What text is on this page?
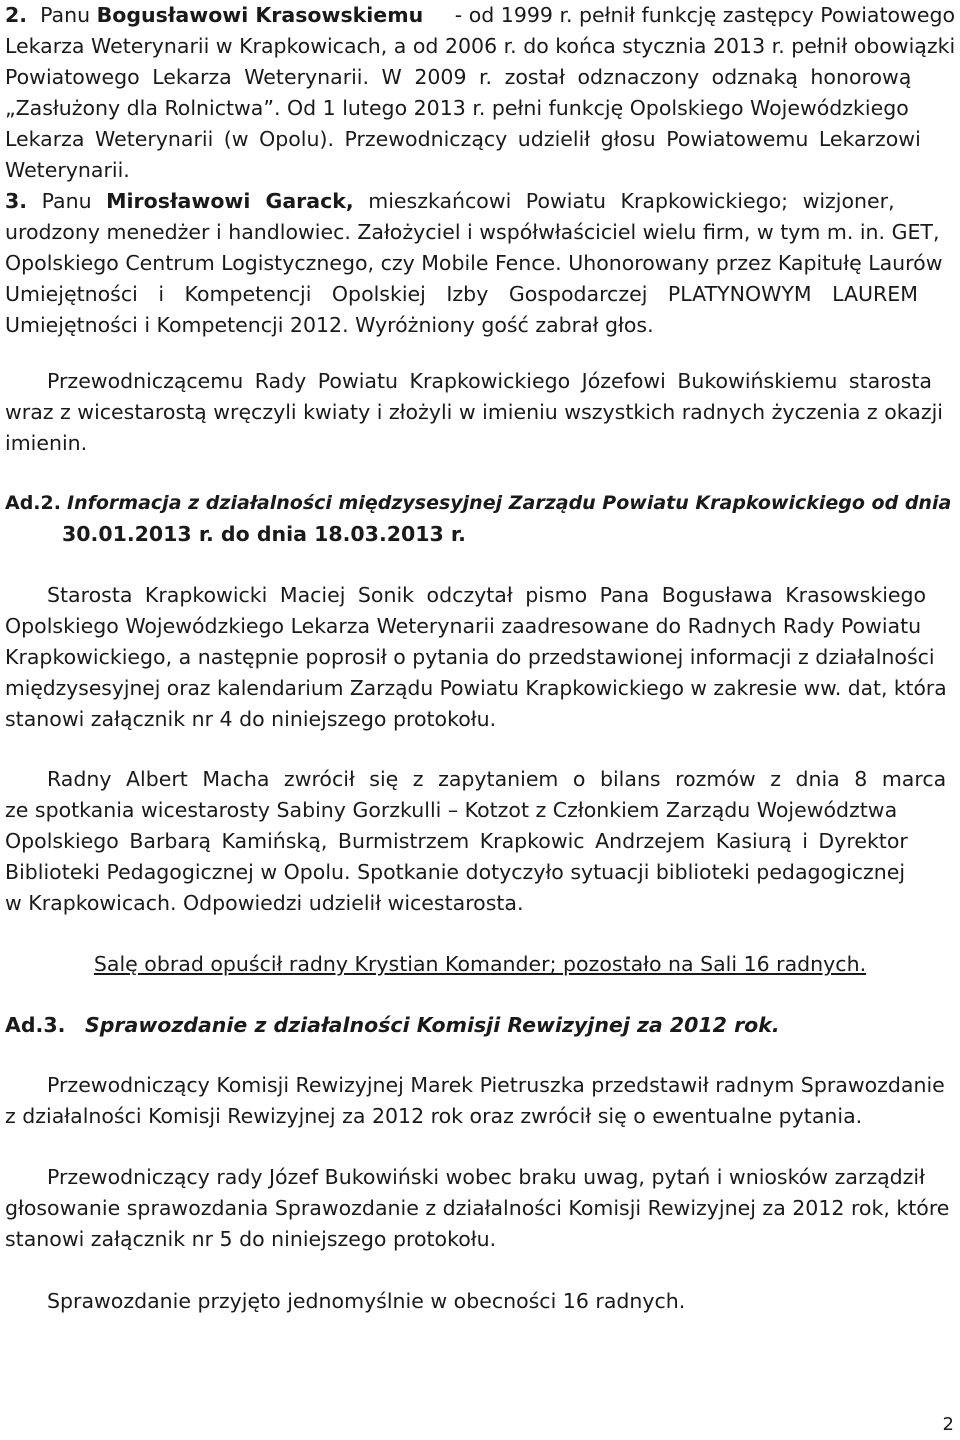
2. Panu Bogusławowi Krasowskiemu - od 1999 r. pełnił funkcję zastępcy Powiatowego
Lekarza Weterynarii w Krapkowicach, a od 2006 r. do końca stycznia 2013 r. pełnił obowiązki
Powiatowego Lekarza Weterynarii. W 2009 r. został odznaczony odznaką honorową
„Zasłużony dla Rolnictwa”. Od 1 lutego 2013 r. pełni funkcję Opolskiego Wojewódzkiego
Lekarza Weterynarii (w Opolu). Przewodniczący udzielił głosu Powiatowemu Lekarzowi
Weterynarii.
3. Panu Mirosławowi Garack, mieszkańcowi Powiatu Krapkowickiego; wizjoner,
urodzony menedżer i handlowiec. Założyciel i współwłaściciel wielu firm, w tym m. in. GET,
Opolskiego Centrum Logistycznego, czy Mobile Fence. Uhonorowany przez Kapitułę Laurów
Umiejętności i Kompetencji Opolskiej Izby Gospodarczej PLATYNOWYM LAUREM
Umiejętności i Kompetencji 2012. Wyróżniony gość zabrał głos.
Przewodniczącemu Rady Powiatu Krapkowickiego Józefowi Bukowińskiemu starosta
wraz z wicestarostą wręczyli kwiaty i złożyli w imieniu wszystkich radnych życzenia z okazji
imienin.
Ad.2. Informacja z działalności międzysesyjnej Zarządu Powiatu Krapkowickiego od dnia
30.01.2013 r. do dnia 18.03.2013 r.
Starosta Krapkowicki Maciej Sonik odczytał pismo Pana Bogusława Krasowskiego
Opolskiego Wojewódzkiego Lekarza Weterynarii zaadresowane do Radnych Rady Powiatu
Krapkowickiego, a następnie poprosił o pytania do przedstawionej informacji z działalności
międzysesyjnej oraz kalendarium Zarządu Powiatu Krapkowickiego w zakresie ww. dat, która
stanowi załącznik nr 4 do niniejszego protokołu.
Radny Albert Macha zwrócił się z zapytaniem o bilans rozmów z dnia 8 marca
ze spotkania wicestarosty Sabiny Gorzkulli – Kotzot z Członkiem Zarządu Województwa
Opolskiego Barbarą Kamińską, Burmistrzem Krapkowic Andrzejem Kasiurą i Dyrektor
Biblioteki Pedagogicznej w Opolu. Spotkanie dotyczyło sytuacji biblioteki pedagogicznej
w Krapkowicach. Odpowiedzi udzielił wicestarosta.
Salę obrad opuścił radny Krystian Komander; pozostało na Sali 16 radnych.
Ad.3. Sprawozdanie z działalności Komisji Rewizyjnej za 2012 rok.
Przewodniczący Komisji Rewizyjnej Marek Pietruszka przedstawił radnym Sprawozdanie
z działalności Komisji Rewizyjnej za 2012 rok oraz zwrócił się o ewentualne pytania.
Przewodniczący rady Józef Bukowiński wobec braku uwag, pytań i wniosków zarządził
głosowanie sprawozdania Sprawozdanie z działalności Komisji Rewizyjnej za 2012 rok, które
stanowi załącznik nr 5 do niniejszego protokołu.
Sprawozdanie przyjęto jednomyślnie w obecności 16 radnych.
2
